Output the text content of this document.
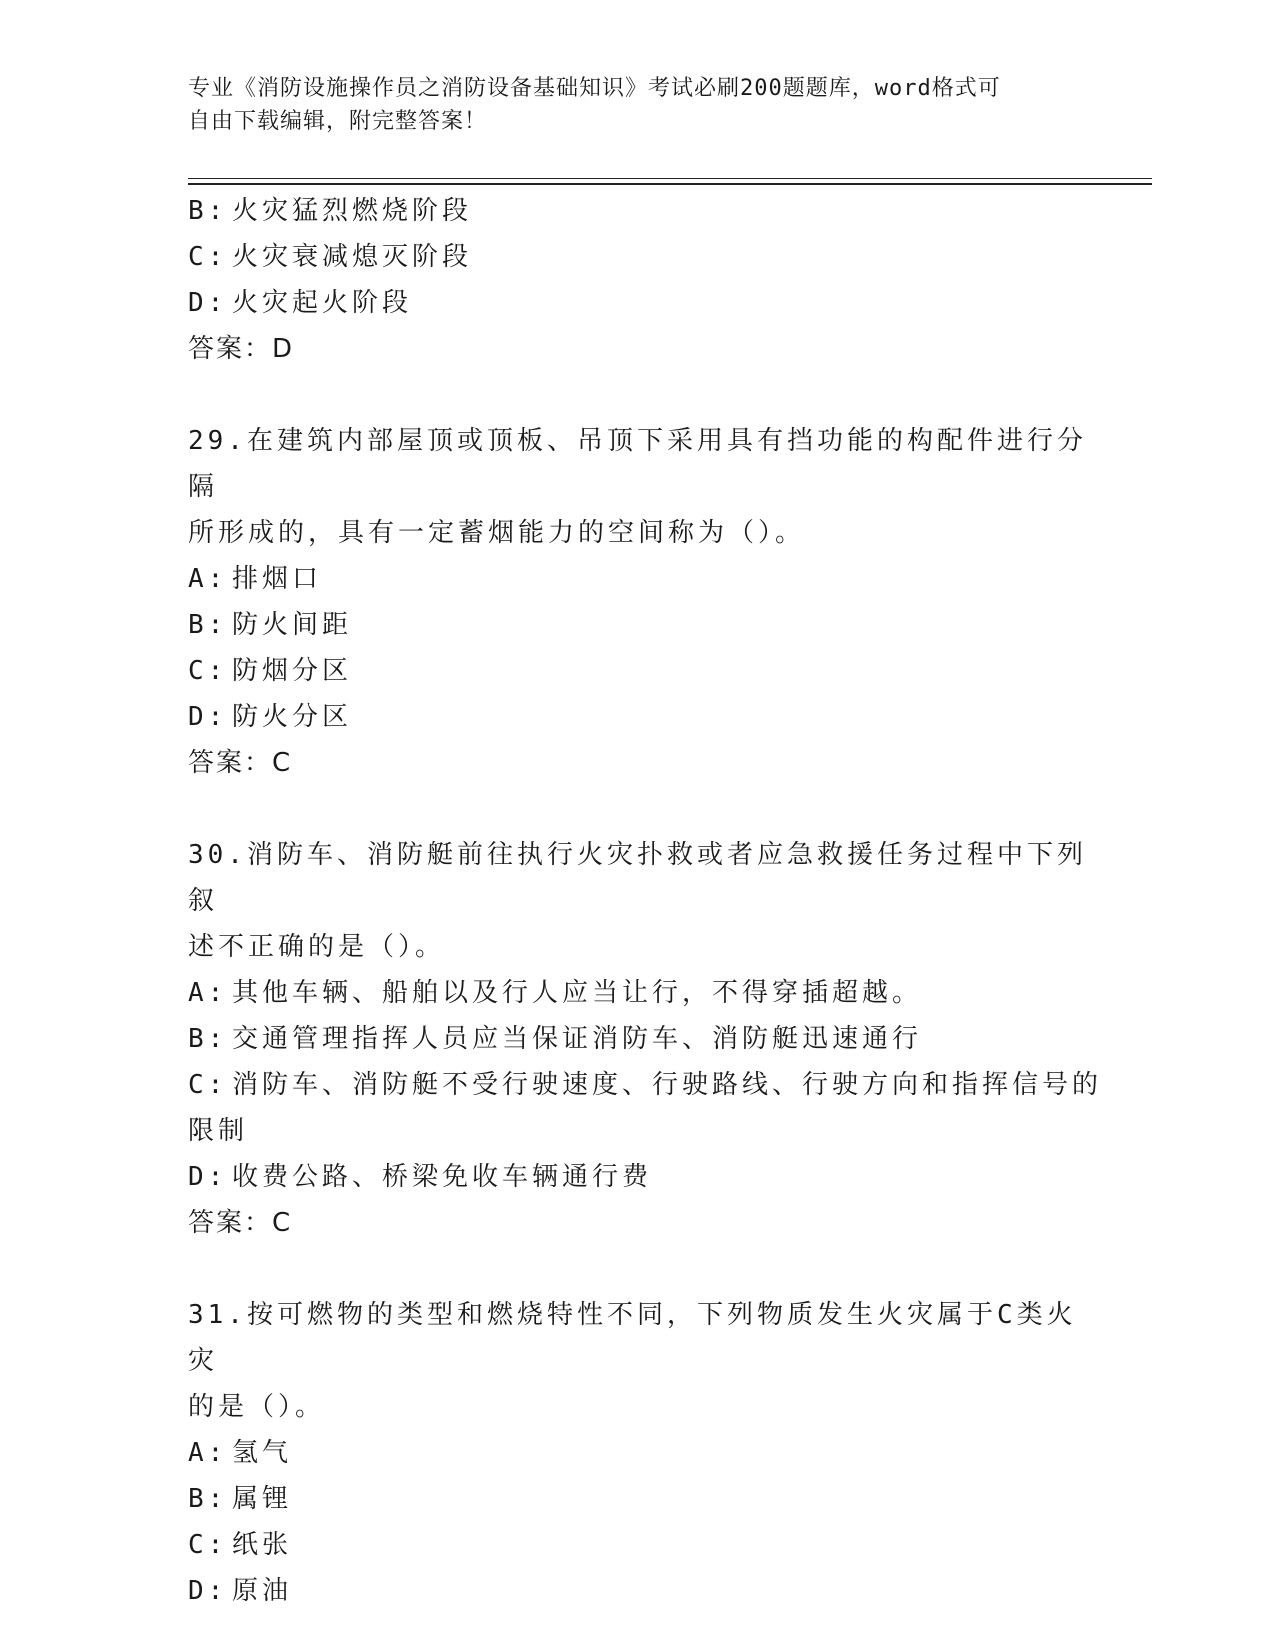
专业《消防设施操作员之消防设备基础知识》考试必刷200题题库，word格式可
自由下载编辑，附完整答案！
B: 火灾猛烈燃烧阶段
C: 火灾衰减熄灭阶段
D: 火灾起火阶段
答案：D
29.在建筑内部屋顶或顶板、吊顶下采用具有挡功能的构配件进行分隔
所形成的，具有一定蓄烟能力的空间称为（）。
A: 排烟口
B: 防火间距
C: 防烟分区
D: 防火分区
答案：C
30.消防车、消防艇前往执行火灾扑救或者应急救援任务过程中下列叙
述不正确的是（）。
A: 其他车辆、船舶以及行人应当让行，不得穿插超越。
B: 交通管理指挥人员应当保证消防车、消防艇迅速通行
C: 消防车、消防艇不受行驶速度、行驶路线、行驶方向和指挥信号的
限制
D: 收费公路、桥梁免收车辆通行费
答案：C
31.按可燃物的类型和燃烧特性不同，下列物质发生火灾属于C类火灾
的是（）。
A: 氢气
B: 属锂
C: 纸张
D: 原油
